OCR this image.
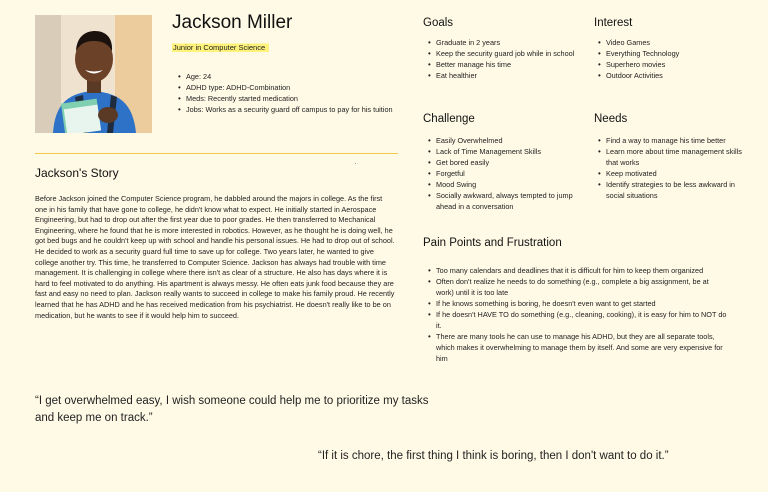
Jackson Miller
Junior in Computer Science
• Age: 24
• ADHD type: ADHD-Combination
• Meds: Recently started medication
• Jobs: Works as a security guard off campus to pay for his tuition
Jackson's Story

Before Jackson joined the Computer Science program, he dabbled around the majors in college. As the first one in his family that have gone to college, he didn't know what to expect. He initially started in Aerospace Engineering, but had to drop out after the first year due to poor grades. He then transferred to Mechanical Engineering, where he found that he is more interested in robotics. However, as he thought he is doing well, he got bed bugs and he couldn't keep up with school and handle his personal issues. He had to drop out of school. He decided to work as a security guard full time to save up for college. Two years later, he wanted to give college another try. This time, he transferred to Computer Science. Jackson has always had trouble with time management. It is challenging in college where there isn't as clear of a structure. He also has days where it is hard to feel motivated to do anything. His apartment is always messy. He often eats junk food because they are fast and easy no need to plan. Jackson really wants to succeed in college to make his family proud. He recently learned that he has ADHD and he has received medication from his psychiatrist. He doesn't really like to be on medication, but he wants to see if it would help him to succeed.

Goals
• Graduate in 2 years
• Keep the security guard job while in school
• Better manage his time
• Eat healthier
Interest
• Video Games
• Everything Technology
• Superhero movies
• Outdoor Activities
Challenge
• Easily Overwhelmed
• Lack of Time Management Skills
• Get bored easily
• Forgetful
• Mood Swing
• Socially awkward, always tempted to jump ahead in a conversation
Needs
• Find a way to manage his time better
• Learn more about time management skills that works
• Keep motivated
• Identify strategies to be less awkward in social situations
Pain Points and Frustration
• Too many calendars and deadlines that it is difficult for him to keep them organized
• Often don't realize he needs to do something (e.g., complete a big assignment, be at work) until it is too late
• If he knows something is boring, he doesn't even want to get started
• If he doesn't HAVE TO do something (e.g., cleaning, cooking), it is easy for him to NOT do it.
• There are many tools he can use to manage his ADHD, but they are all separate tools, which makes it overwhelming to manage them by itself. And some are very expensive for him

“I get overwhelmed easy, I wish someone could help me to prioritize my tasks and keep me on track.”

“If it is chore, the first thing I think is boring, then I don't want to do it.”
